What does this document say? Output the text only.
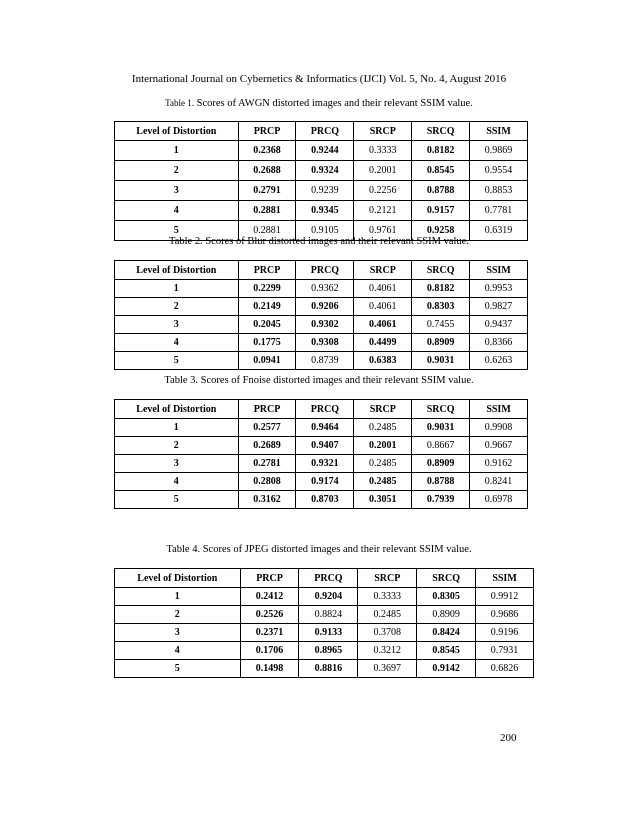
International Journal on Cybernetics & Informatics (IJCI) Vol. 5, No. 4, August 2016
Table 1. Scores of AWGN distorted images and their relevant SSIM value.
Level of Distortion	PRCP	PRCQ	SRCP	SRCQ	SSIM
1	0.2368	0.9244	0.3333	0.8182	0.9869
2	0.2688	0.9324	0.2001	0.8545	0.9554
3	0.2791	0.9239	0.2256	0.8788	0.8853
4	0.2881	0.9345	0.2121	0.9157	0.7781
5	0.2881	0.9105	0.9761	0.9258	0.6319
Table 2. Scores of Blur distorted images and their relevant SSIM value.
Level of Distortion	PRCP	PRCQ	SRCP	SRCQ	SSIM
1	0.2299	0.9362	0.4061	0.8182	0.9953
2	0.2149	0.9206	0.4061	0.8303	0.9827
3	0.2045	0.9302	0.4061	0.7455	0.9437
4	0.1775	0.9308	0.4499	0.8909	0.8366
5	0.0941	0.8739	0.6383	0.9031	0.6263
Table 3. Scores of Fnoise distorted images and their relevant SSIM value.
Level of Distortion	PRCP	PRCQ	SRCP	SRCQ	SSIM
1	0.2577	0.9464	0.2485	0.9031	0.9908
2	0.2689	0.9407	0.2001	0.8667	0.9667
3	0.2781	0.9321	0.2485	0.8909	0.9162
4	0.2808	0.9174	0.2485	0.8788	0.8241
5	0.3162	0.8703	0.3051	0.7939	0.6978
Table 4. Scores of JPEG distorted images and their relevant SSIM value.
Level of Distortion	PRCP	PRCQ	SRCP	SRCQ	SSIM
1	0.2412	0.9204	0.3333	0.8305	0.9912
2	0.2526	0.8824	0.2485	0.8909	0.9686
3	0.2371	0.9133	0.3708	0.8424	0.9196
4	0.1706	0.8965	0.3212	0.8545	0.7931
5	0.1498	0.8816	0.3697	0.9142	0.6826
200
